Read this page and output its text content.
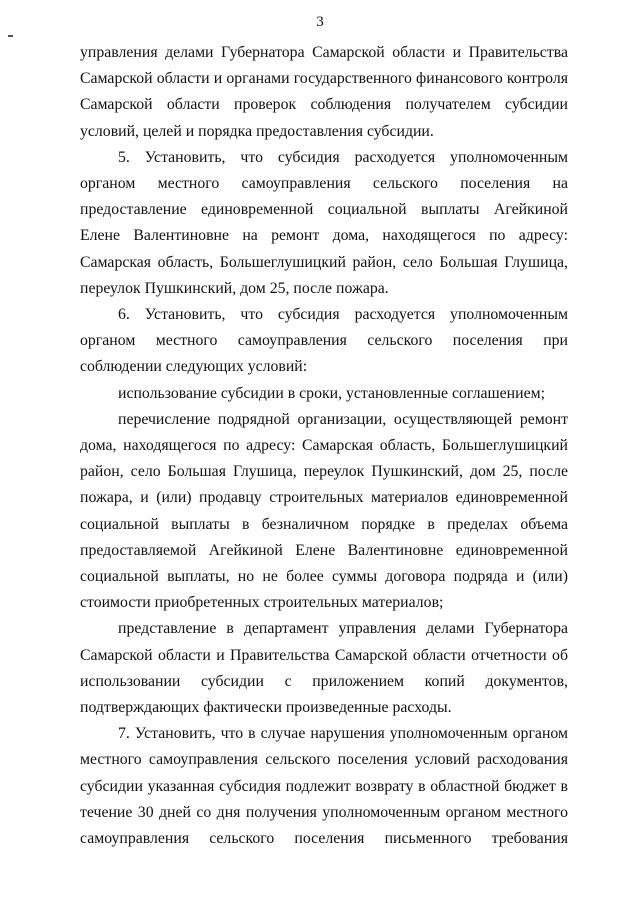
3

управления делами Губернатора Самарской области и Правительства Самарской области и органами государственного финансового контроля Самарской области проверок соблюдения получателем субсидии условий, целей и порядка предоставления субсидии.

5. Установить, что субсидия расходуется уполномоченным органом местного самоуправления сельского поселения на предоставление единовременной социальной выплаты Агейкиной Елене Валентиновне на ремонт дома, находящегося по адресу: Самарская область, Большеглушицкий район, село Большая Глушица, переулок Пушкинский, дом 25, после пожара.

6. Установить, что субсидия расходуется уполномоченным органом местного самоуправления сельского поселения при соблюдении следующих условий:

использование субсидии в сроки, установленные соглашением;

перечисление подрядной организации, осуществляющей ремонт дома, находящегося по адресу: Самарская область, Большеглушицкий район, село Большая Глушица, переулок Пушкинский, дом 25, после пожара, и (или) продавцу строительных материалов единовременной социальной выплаты в безналичном порядке в пределах объема предоставляемой Агейкиной Елене Валентиновне единовременной социальной выплаты, но не более суммы договора подряда и (или) стоимости приобретенных строительных материалов;

представление в департамент управления делами Губернатора Самарской области и Правительства Самарской области отчетности об использовании субсидии с приложением копий документов, подтверждающих фактически произведенные расходы.

7. Установить, что в случае нарушения уполномоченным органом местного самоуправления сельского поселения условий расходования субсидии указанная субсидия подлежит возврату в областной бюджет в течение 30 дней со дня получения уполномоченным органом местного самоуправления сельского поселения письменного требования
